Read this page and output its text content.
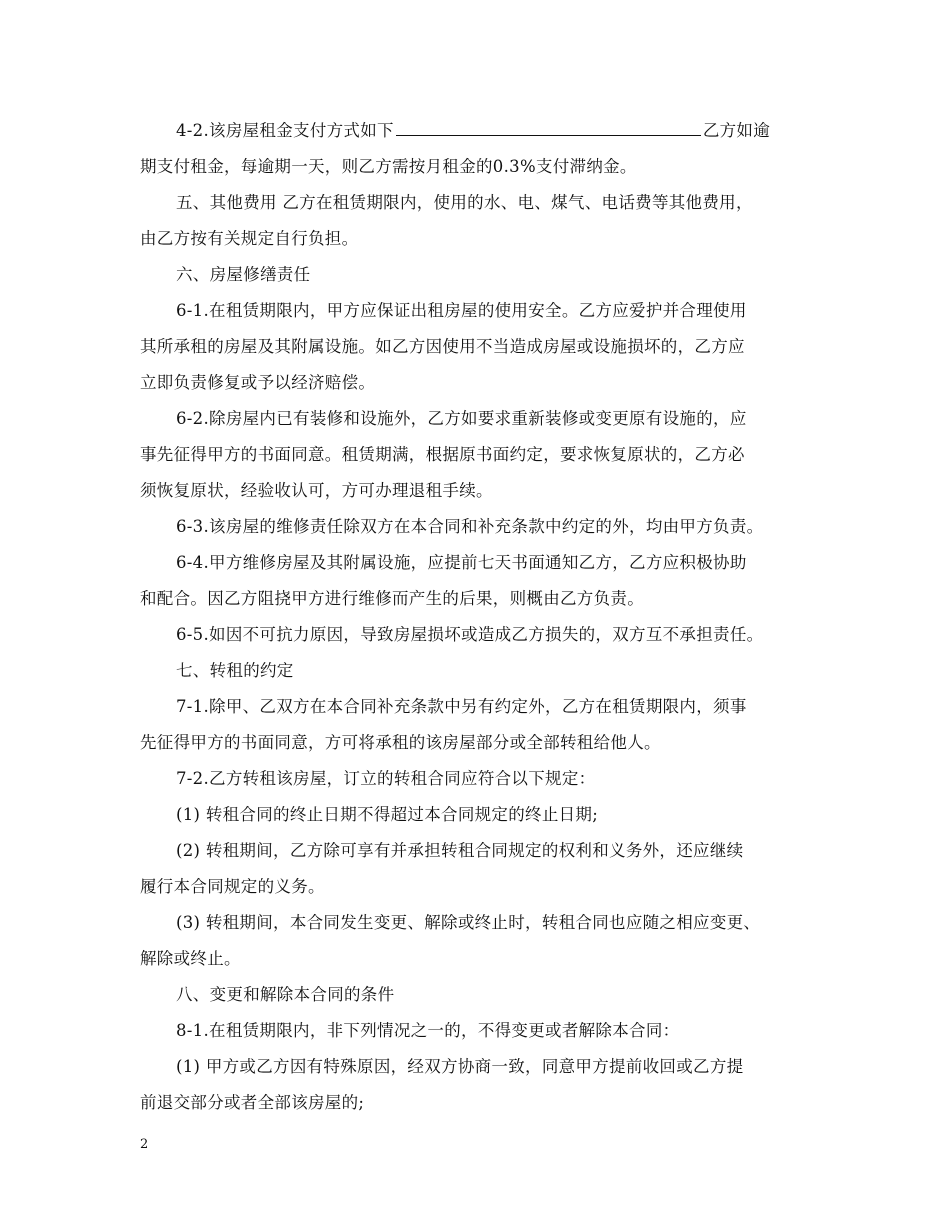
4-2.该房屋租金支付方式如下	乙方如逾
期支付租金，每逾期一天，则乙方需按月租金的0.3%支付滞纳金。
五、其他费用 乙方在租赁期限内，使用的水、电、煤气、电话费等其他费用，
由乙方按有关规定自行负担。
六、房屋修缮责任
6-1.在租赁期限内，甲方应保证出租房屋的使用安全。乙方应爱护并合理使用
其所承租的房屋及其附属设施。如乙方因使用不当造成房屋或设施损坏的，乙方应
立即负责修复或予以经济赔偿。
6-2.除房屋内已有装修和设施外，乙方如要求重新装修或变更原有设施的，应
事先征得甲方的书面同意。租赁期满，根据原书面约定，要求恢复原状的，乙方必
须恢复原状，经验收认可，方可办理退租手续。
6-3.该房屋的维修责任除双方在本合同和补充条款中约定的外，均由甲方负责。
6-4.甲方维修房屋及其附属设施，应提前七天书面通知乙方，乙方应积极协助
和配合。因乙方阻挠甲方进行维修而产生的后果，则概由乙方负责。
6-5.如因不可抗力原因，导致房屋损坏或造成乙方损失的，双方互不承担责任。
七、转租的约定
7-1.除甲、乙双方在本合同补充条款中另有约定外，乙方在租赁期限内，须事
先征得甲方的书面同意，方可将承租的该房屋部分或全部转租给他人。
7-2.乙方转租该房屋，订立的转租合同应符合以下规定：
(1) 转租合同的终止日期不得超过本合同规定的终止日期;
(2) 转租期间，乙方除可享有并承担转租合同规定的权利和义务外，还应继续
履行本合同规定的义务。
(3) 转租期间，本合同发生变更、解除或终止时，转租合同也应随之相应变更、
解除或终止。
八、变更和解除本合同的条件
8-1.在租赁期限内，非下列情况之一的，不得变更或者解除本合同：
(1) 甲方或乙方因有特殊原因，经双方协商一致，同意甲方提前收回或乙方提
前退交部分或者全部该房屋的;
2
